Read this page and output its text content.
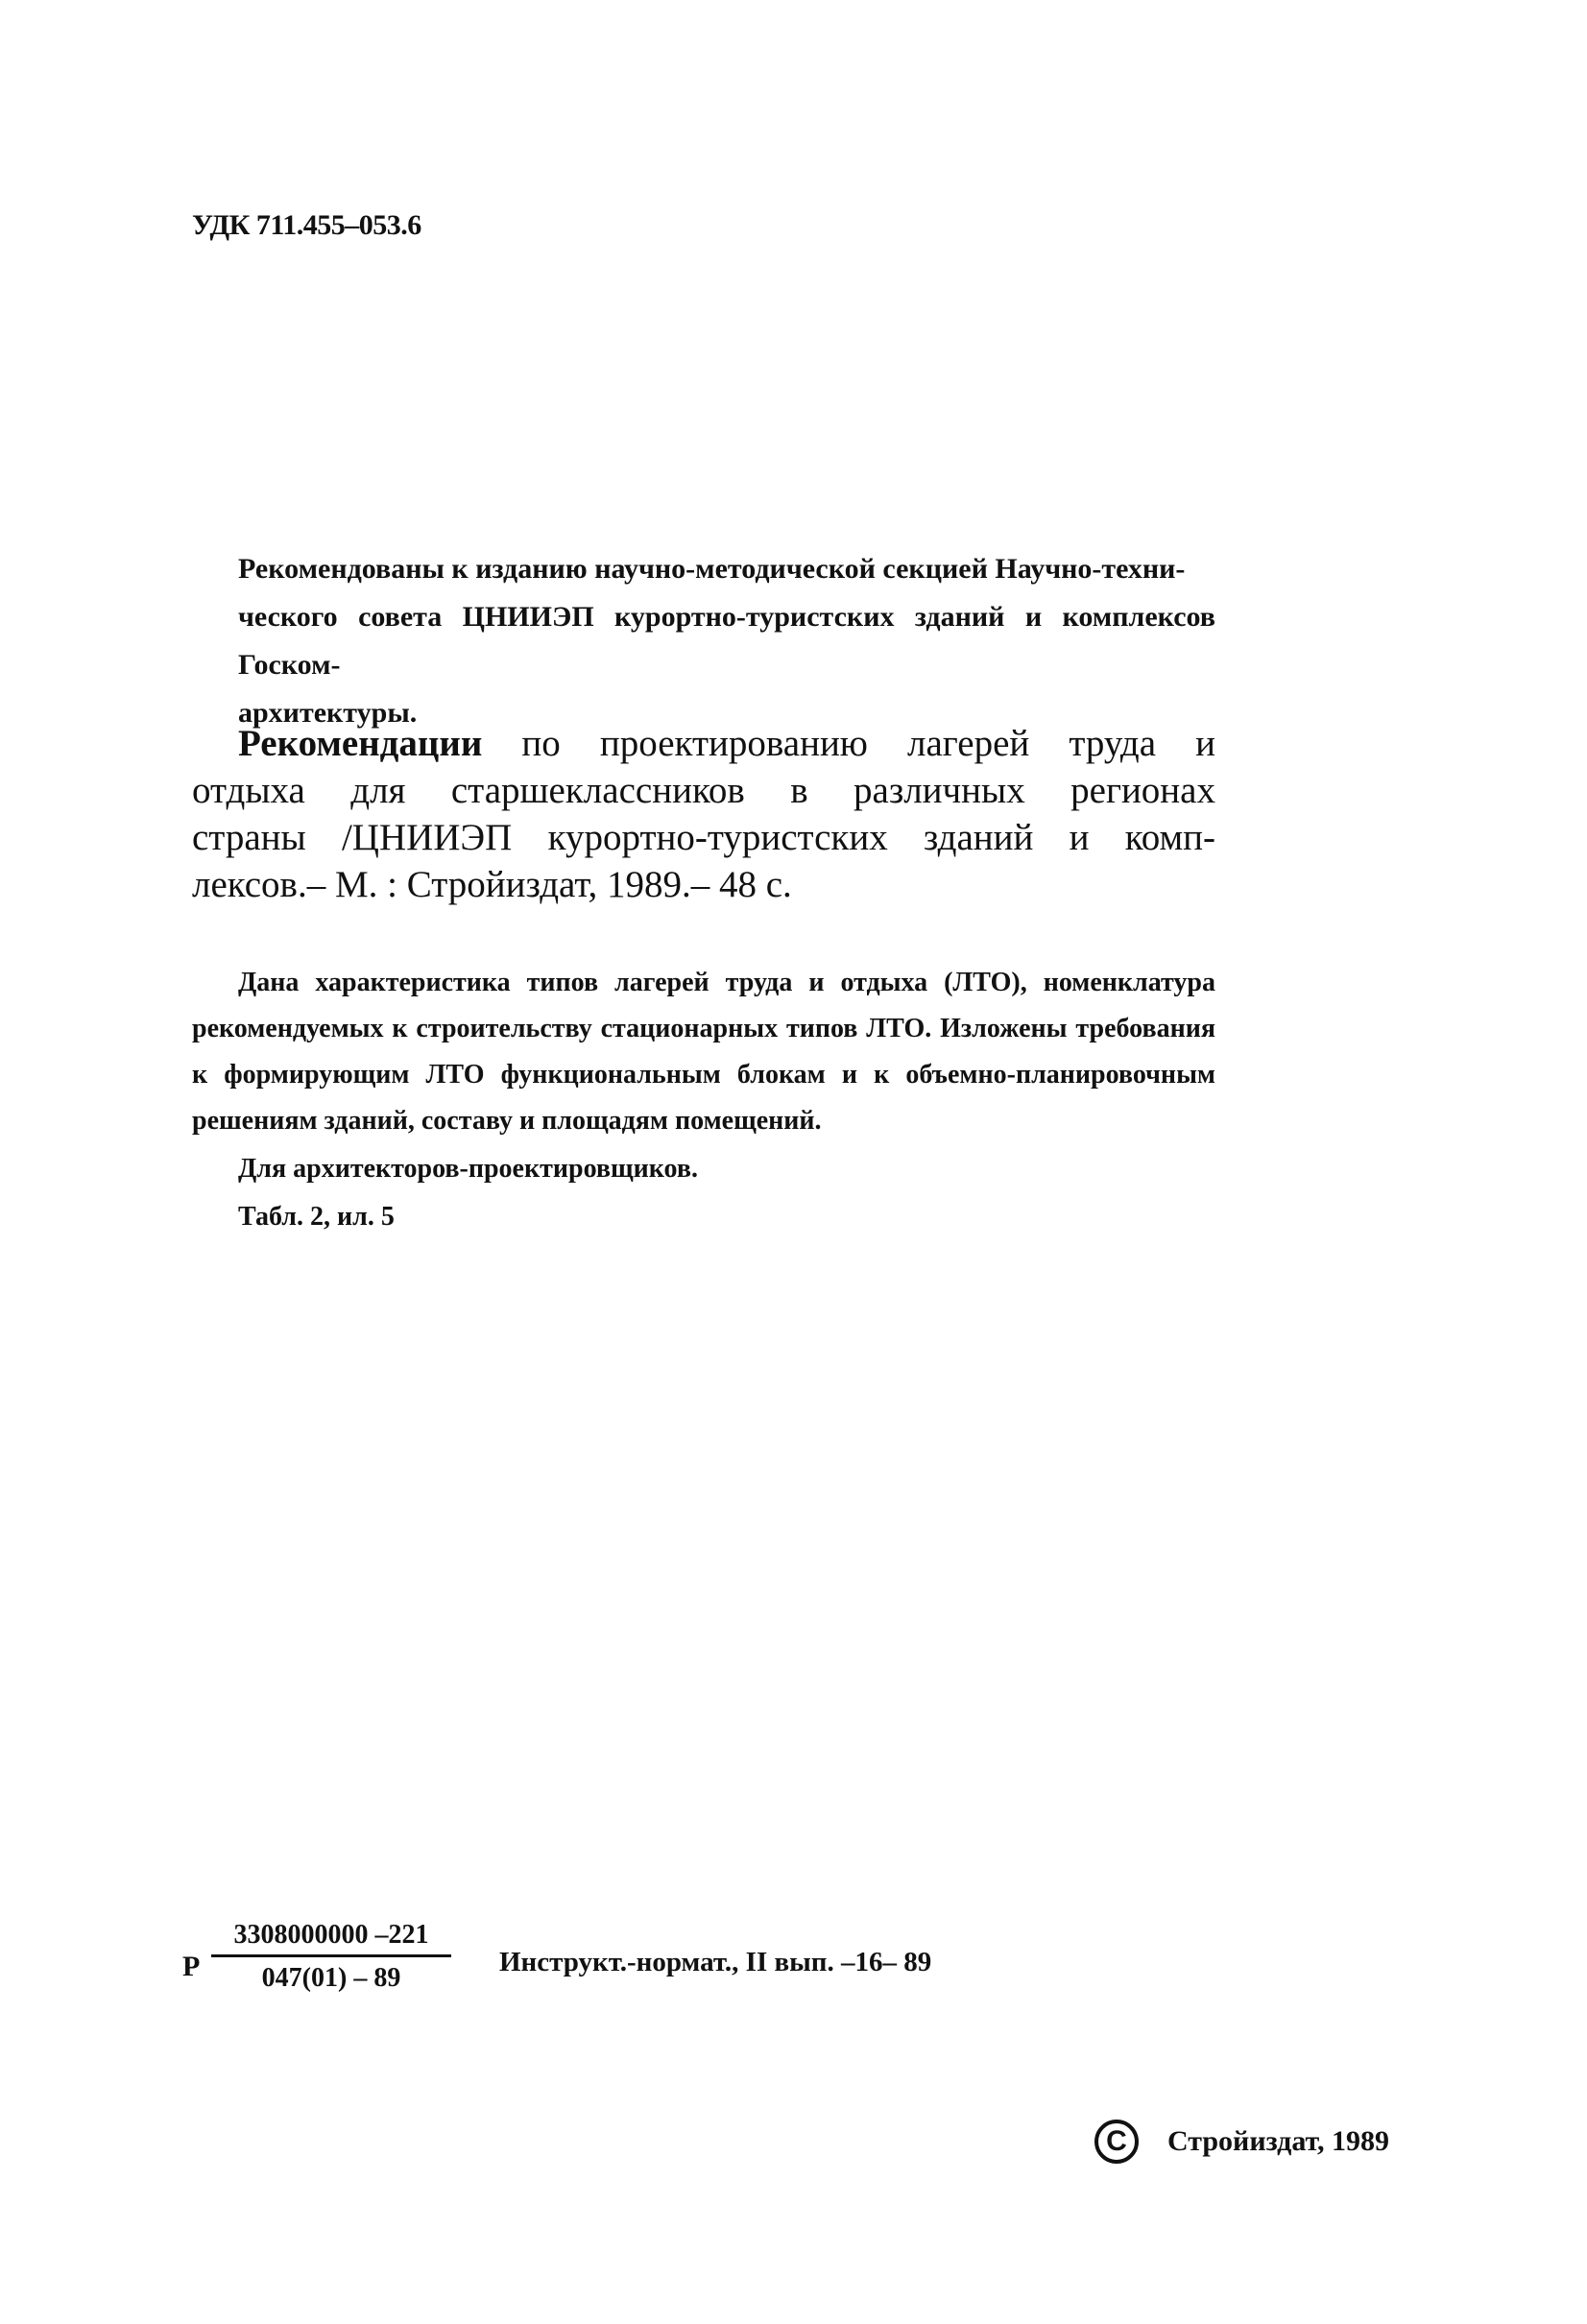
УДК 711.455–053.6

Рекомендованы к изданию научно-методической секцией Научно-техни-

ческого совета ЦНИИЭП курортно-туристских зданий и комплексов Госком-

архитектуры.

Рекомендации по проектированию лагерей труда и

отдыха для старшеклассников в различных регионах

страны /ЦНИИЭП курортно-туристских зданий и комп-

лексов.– М. : Стройиздат, 1989.– 48 с.

Дана характеристика типов лагерей труда и отдыха (ЛТО), номенклатура рекомендуемых к строительству стационарных типов ЛТО. Изложены требования к формирующим ЛТО функциональным блокам и к объемно-планировочным решениям зданий, составу и площадям помещений.

Для архитекторов-проектировщиков.

Табл. 2, ил. 5

Р $\frac{3308000000 -221}{047(01) - 89}$ Инструкт.-нормат., II вып. –16– 89
C	Стройиздат, 1989
